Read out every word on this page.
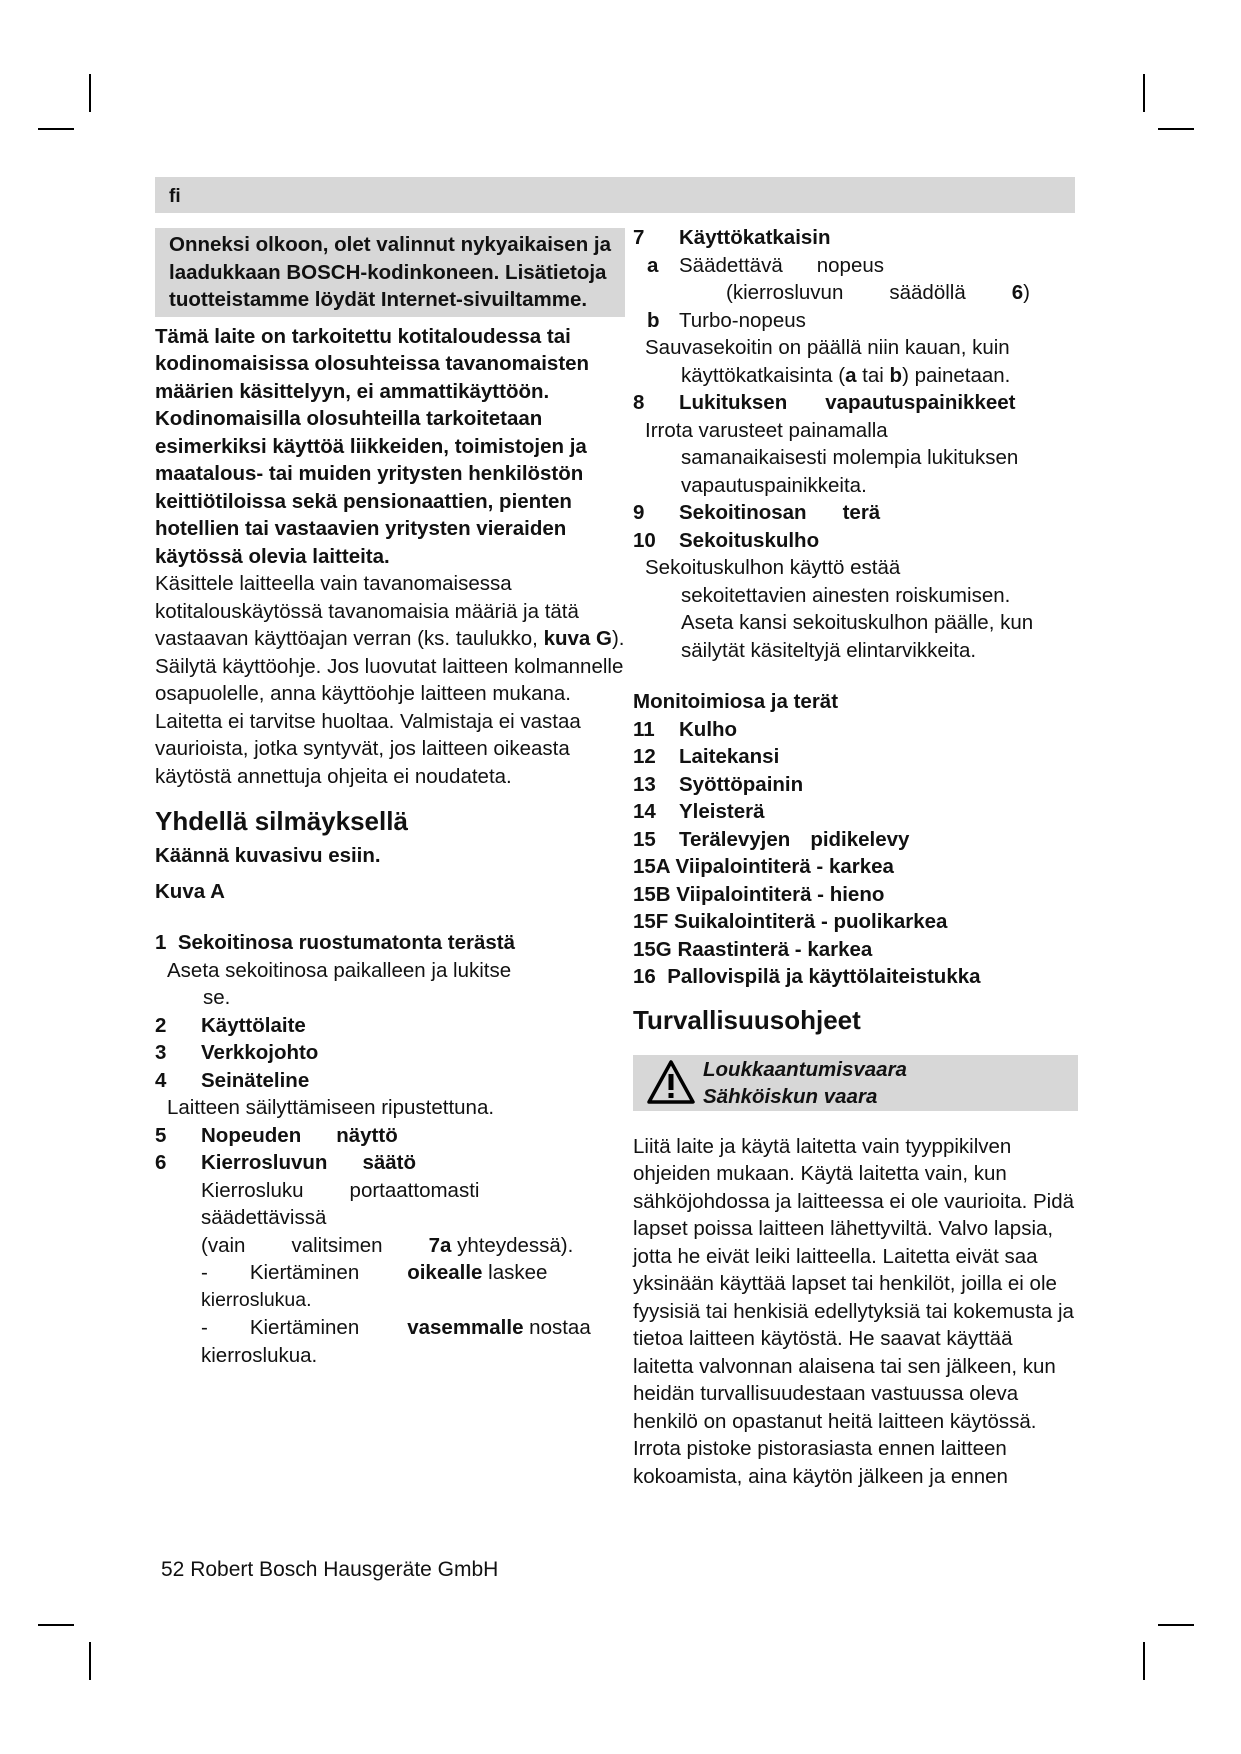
fi
Onneksi olkoon, olet valinnut nykyaikaisen ja laadukkaan BOSCH-kodinkoneen. Lisätietoja tuotteistamme löydät Internet-sivuiltamme.
Tämä laite on tarkoitettu kotitaloudessa tai kodinomaisissa olosuhteissa tavanomaisten määrien käsittelyyn, ei ammattikäyttöön. Kodinomaisilla olosuhteilla tarkoitetaan esimerkiksi käyttöä liikkeiden, toimistojen ja maatalous- tai muiden yritysten henkilöstön keittiötiloissa sekä pensionaattien, pienten hotellien tai vastaavien yritysten vieraiden käytössä olevia laitteita.
Käsittele laitteella vain tavanomaisessa kotitalouskäytössä tavanomaisia määriä ja tätä vastaavan käyttöajan verran (ks. taulukko, kuva G). Säilytä käyttöohje. Jos luovutat laitteen kolmannelle osapuolelle, anna käyttöohje laitteen mukana. Laitetta ei tarvitse huoltaa. Valmistaja ei vastaa vaurioista, jotka syntyvät, jos laitteen oikeasta käytöstä annettuja ohjeita ei noudateta.
Yhdellä silmäyksellä
Käännä kuvasivu esiin.
Kuva A
1 Sekoitinosa ruostumatonta terästä
Aseta sekoitinosa paikalleen ja lukitse
se.
2 Käyttölaite
3 Verkkojohto
4 Seinäteline
Laitteen säilyttämiseen ripustettuna.
5 Nopeuden näyttö
6 Kierrosluvun säätö
Kierrosluku portaattomasti
säädettävissä
(vain valitsimen 7a yhteydessä).
- Kiertäminen oikealle laskee
kierroslukua.
- Kiertäminen vasemmalle nostaa
kierroslukua.
7 Käyttökatkaisin
a Säädettävä nopeus
(kierrosluvun säädöllä 6)
b Turbo-nopeus
Sauvasekoitin on päällä niin kauan, kuin
käyttökatkaisinta (a tai b) painetaan.
8 Lukituksen vapautuspainikkeet
Irrota varusteet painamalla
samanaikaisesti molempia lukituksen
vapautuspainikkeita.
9 Sekoitinosan terä
10 Sekoituskulho
Sekoituskulhon käyttö estää
sekoitettavien ainesten roiskumisen.
Aseta kansi sekoituskulhon päälle, kun
säilytät käsiteltyjä elintarvikkeita.
Monitoimiosa ja terät
11 Kulho
12 Laitekansi
13 Syöttöpainin
14 Yleisterä
15 Terälevyjen pidikelevy
15A Viipalointiterä - karkea
15B Viipalointiterä - hieno
15F Suikalointiterä - puolikarkea
15G Raastinterä - karkea
16  Pallovispilä ja käyttölaiteistukka
Turvallisuusohjeet
Loukkaantumisvaara
Sähköiskun vaara
Liitä laite ja käytä laitetta vain tyyppikilven ohjeiden mukaan. Käytä laitetta vain, kun sähköjohdossa ja laitteessa ei ole vaurioita. Pidä lapset poissa laitteen lähettyviltä. Valvo lapsia, jotta he eivät leiki laitteella. Laitetta eivät saa yksinään käyttää lapset tai henkilöt, joilla ei ole fyysisiä tai henkisiä edellytyksiä tai kokemusta ja tietoa laitteen käytöstä. He saavat käyttää laitetta valvonnan alaisena tai sen jälkeen, kun heidän turvallisuudestaan vastuussa oleva henkilö on opastanut heitä laitteen käytössä. Irrota pistoke pistorasiasta ennen laitteen kokoamista, aina käytön jälkeen ja ennen
52 Robert Bosch Hausgeräte GmbH
